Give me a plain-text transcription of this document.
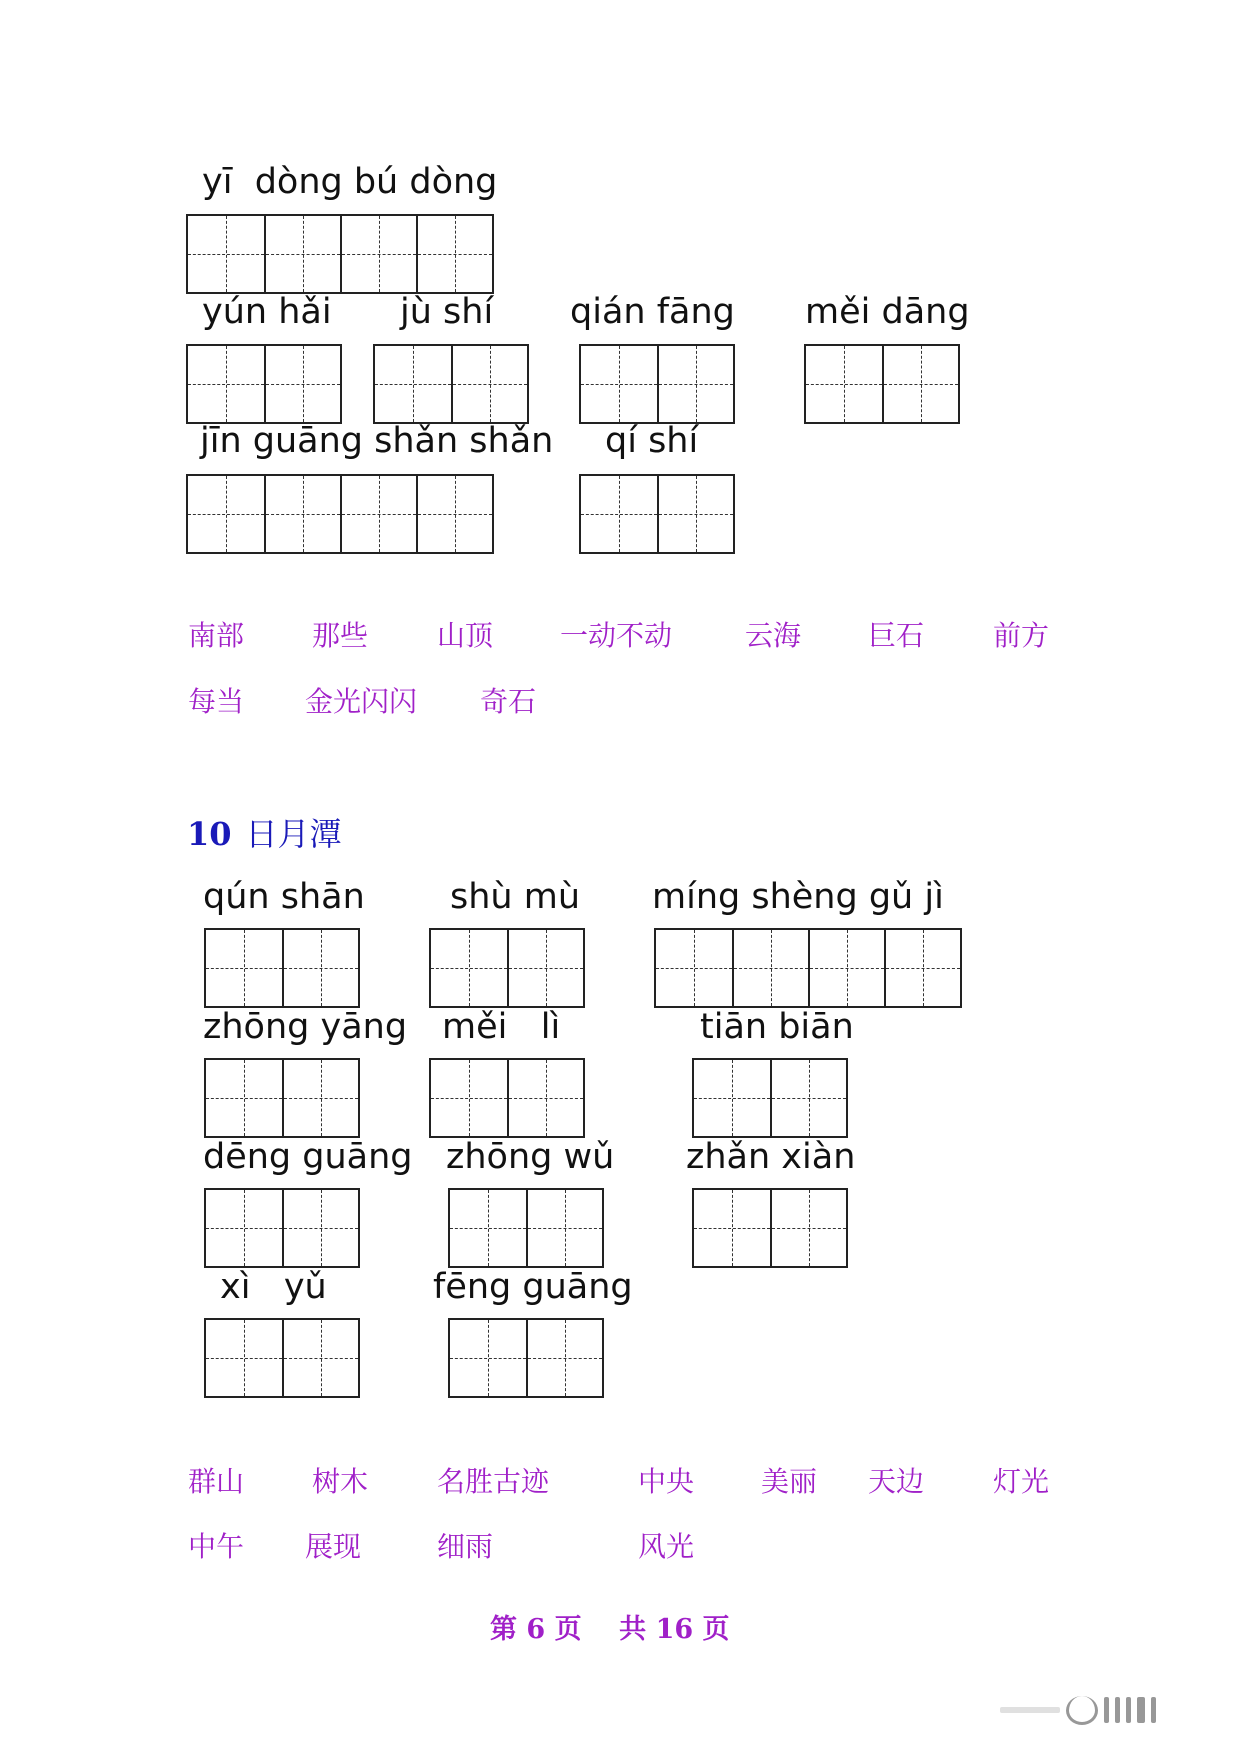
yī  dòng bú dòng
yún hǎi jù shí qián fāng měi dāng
jīn guāng shǎn shǎn qí shí
南部 那些 山顶 一动不动	云海 巨石 前方
每当 金光闪闪 奇石
10 日月潭
qún shān shù mù míng shèng gǔ jì
zhōng yāng měi   lì	tiān biān
dēng guāng zhōng wǔ zhǎn xiàn
xì   yǔ	fēng guāng
群山 树木 名胜古迹	中央 美丽 天边 灯光
中午 展现	细雨	风光
第 6 页    共 16 页
